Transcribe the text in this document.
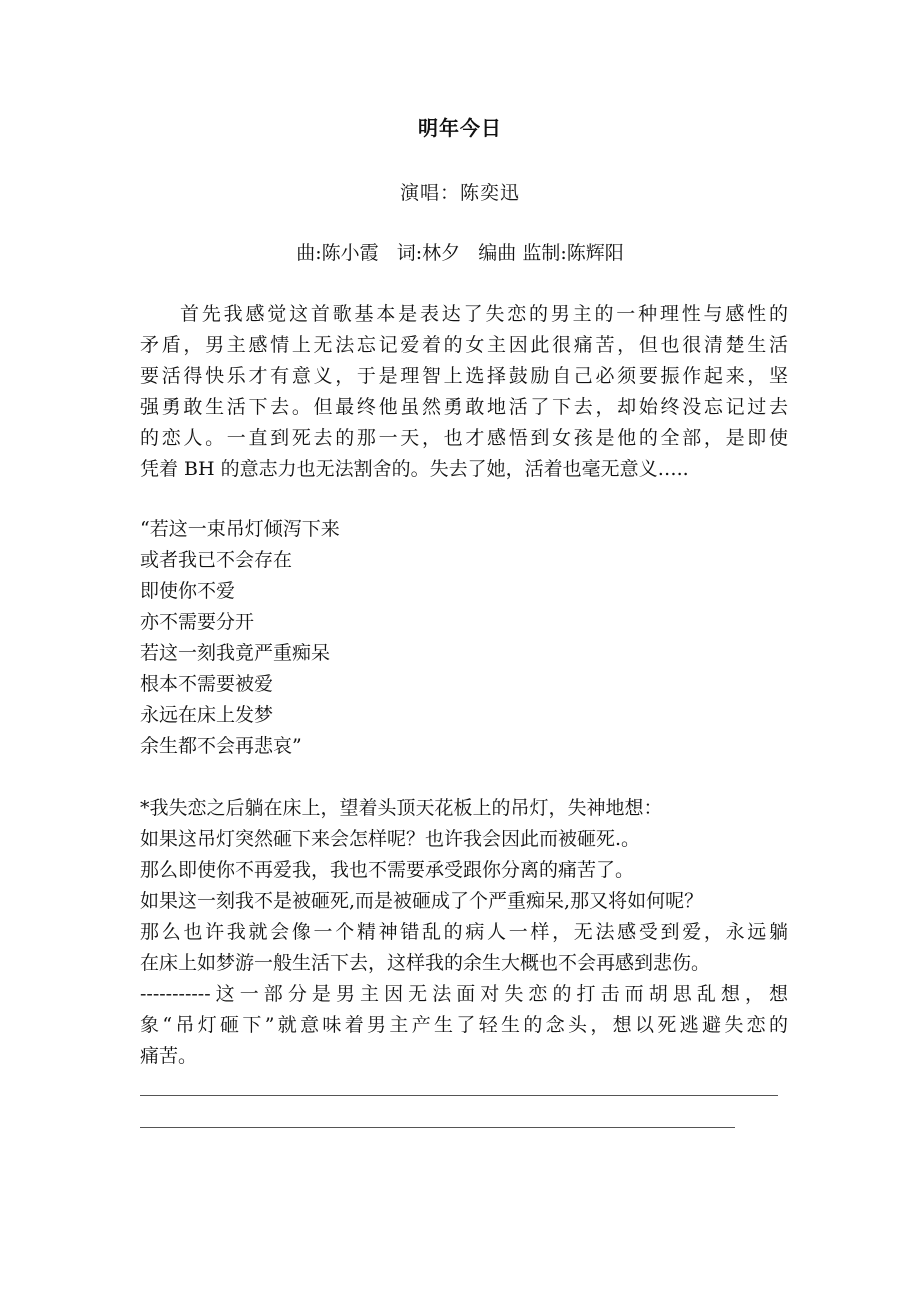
明年今日
演唱：陈奕迅
曲:陈小霞   词:林夕   编曲 监制:陈辉阳
首先我感觉这首歌基本是表达了失恋的男主的一种理性与感性的
矛盾，男主感情上无法忘记爱着的女主因此很痛苦，但也很清楚生活
要活得快乐才有意义，于是理智上选择鼓励自己必须要振作起来，坚
强勇敢生活下去。但最终他虽然勇敢地活了下去，却始终没忘记过去
的恋人。一直到死去的那一天，也才感悟到女孩是他的全部，是即使
凭着 BH 的意志力也无法割舍的。失去了她，活着也毫无意义…..
“若这一束吊灯倾泻下来
或者我已不会存在
即使你不爱
亦不需要分开
若这一刻我竟严重痴呆
根本不需要被爱
永远在床上发梦
余生都不会再悲哀”
*我失恋之后躺在床上，望着头顶天花板上的吊灯，失神地想：
如果这吊灯突然砸下来会怎样呢？也许我会因此而被砸死.。
那么即使你不再爱我，我也不需要承受跟你分离的痛苦了。
如果这一刻我不是被砸死,而是被砸成了个严重痴呆,那又将如何呢？
那么也许我就会像一个精神错乱的病人一样，无法感受到爱，永远躺
在床上如梦游一般生活下去，这样我的余生大概也不会再感到悲伤。
-----------这一部分是男主因无法面对失恋的打击而胡思乱想，想
象“吊灯砸下”就意味着男主产生了轻生的念头，想以死逃避失恋的
痛苦。
